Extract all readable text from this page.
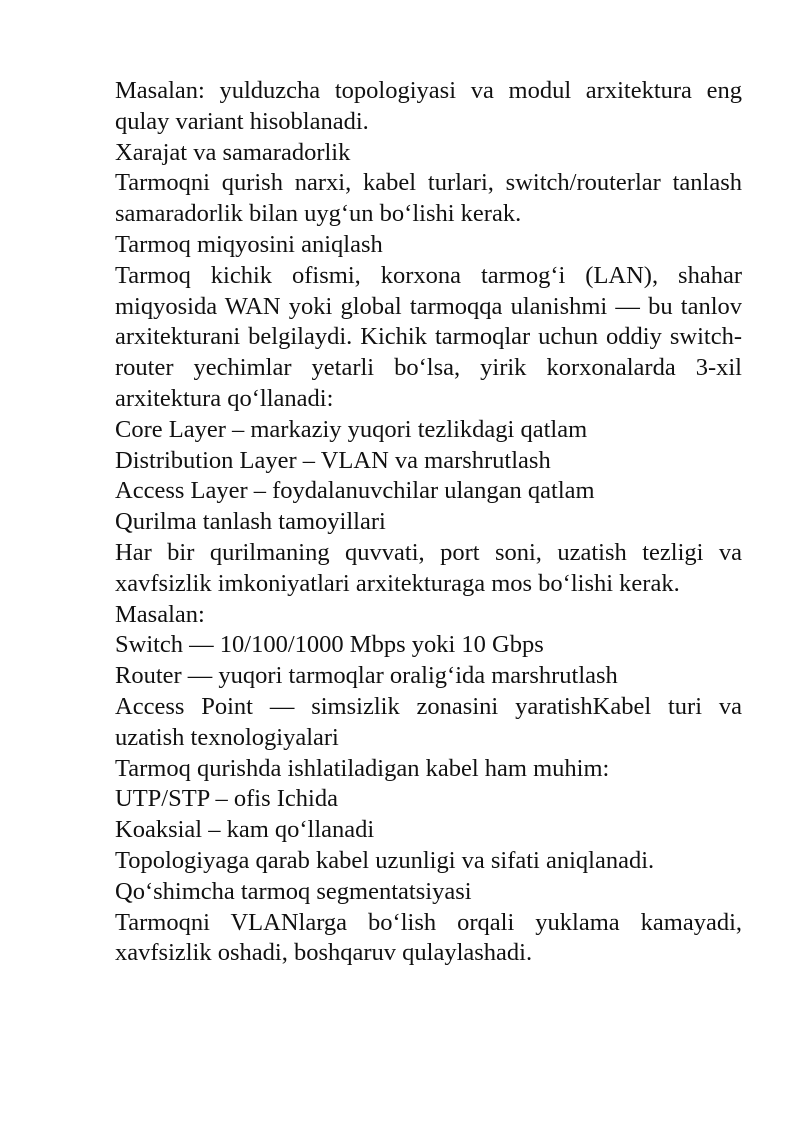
Masalan: yulduzcha topologiyasi va modul arxitektura eng qulay variant hisoblanadi.

Xarajat va samaradorlik

Tarmoqni qurish narxi, kabel turlari, switch/routerlar tanlash samaradorlik bilan uyg‘un bo‘lishi kerak.

Tarmoq miqyosini aniqlash

Tarmoq kichik ofismi, korxona tarmog‘i (LAN), shahar miqyosida WAN yoki global tarmoqqa ulanishmi — bu tanlov arxitekturani belgilaydi. Kichik tarmoqlar uchun oddiy switch-router yechimlar yetarli bo‘lsa, yirik korxonalarda 3-xil arxitektura qo‘llanadi:

Core Layer – markaziy yuqori tezlikdagi qatlam

Distribution Layer – VLAN va marshrutlash

Access Layer – foydalanuvchilar ulangan qatlam

Qurilma tanlash tamoyillari

Har bir qurilmaning quvvati, port soni, uzatish tezligi va xavfsizlik imkoniyatlari arxitekturaga mos bo‘lishi kerak.

Masalan:

Switch — 10/100/1000 Mbps yoki 10 Gbps

Router — yuqori tarmoqlar oralig‘ida marshrutlash

Access Point — simsizlik zonasini yaratishKabel turi va uzatish texnologiyalari

Tarmoq qurishda ishlatiladigan kabel ham muhim:

UTP/STP – ofis Ichida

Koaksial – kam qo‘llanadi

Topologiyaga qarab kabel uzunligi va sifati aniqlanadi.

Qo‘shimcha tarmoq segmentatsiyasi

Tarmoqni VLANlarga bo‘lish orqali yuklama kamayadi, xavfsizlik oshadi, boshqaruv qulaylashadi.
